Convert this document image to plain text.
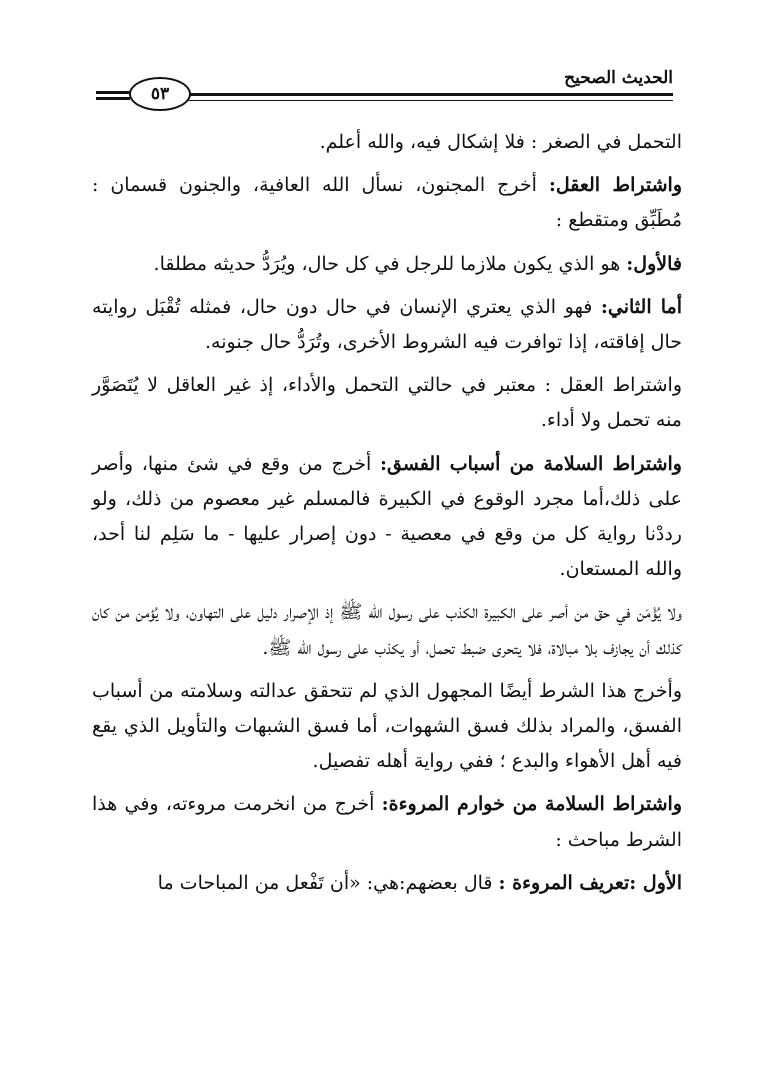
الحديث الصحيح
٥٣

التحمل في الصغر : فلا إشكال فيه، والله أعلم.

واشتراط العقل: أخرج المجنون، نسأل الله العافية، والجنون قسمان : مُطَبِّق ومتقطع :

فالأول: هو الذي يكون ملازما للرجل في كل حال، ويُرَدُّ حديثه مطلقا.

أما الثاني: فهو الذي يعتري الإنسان في حال دون حال، فمثله تُقْبَل روايته حال إفاقته، إذا توافرت فيه الشروط الأخرى، وتُرَدُّ حال جنونه.

واشتراط العقل : معتبر في حالتي التحمل والأداء، إذ غير العاقل لا يُتَصَوَّر منه تحمل ولا أداء.

واشتراط السلامة من أسباب الفسق: أخرج من وقع في شئ منها، وأصر على ذلك،أما مجرد الوقوع في الكبيرة فالمسلم غير معصوم من ذلك، ولو رددْنا رواية كل من وقع في معصية - دون إصرار عليها - ما سَلِم لنا أحد، والله المستعان.

ولا يُؤْمَن في حق من أصر على الكبيرة الكذب على رسول الله ﷺ إذ الإصرار دليل على التهاون، ولا يُؤمن من كان كذلك أن يجازف بلا مبالاة، فلا يتحرى ضبط تحمل، أو يكذب على رسول الله ﷺ.

وأخرج هذا الشرط أيضًا المجهول الذي لم تتحقق عدالته وسلامته من أسباب الفسق، والمراد بذلك فسق الشهوات، أما فسق الشبهات والتأويل الذي يقع فيه أهل الأهواء والبدع ؛ ففي رواية أهله تفصيل.

واشتراط السلامة من خوارم المروءة: أخرج من انخرمت مروءته، وفي هذا الشرط مباحث :

الأول :تعريف المروءة : قال بعضهم:هي: «أن تَفْعل من المباحات ما
